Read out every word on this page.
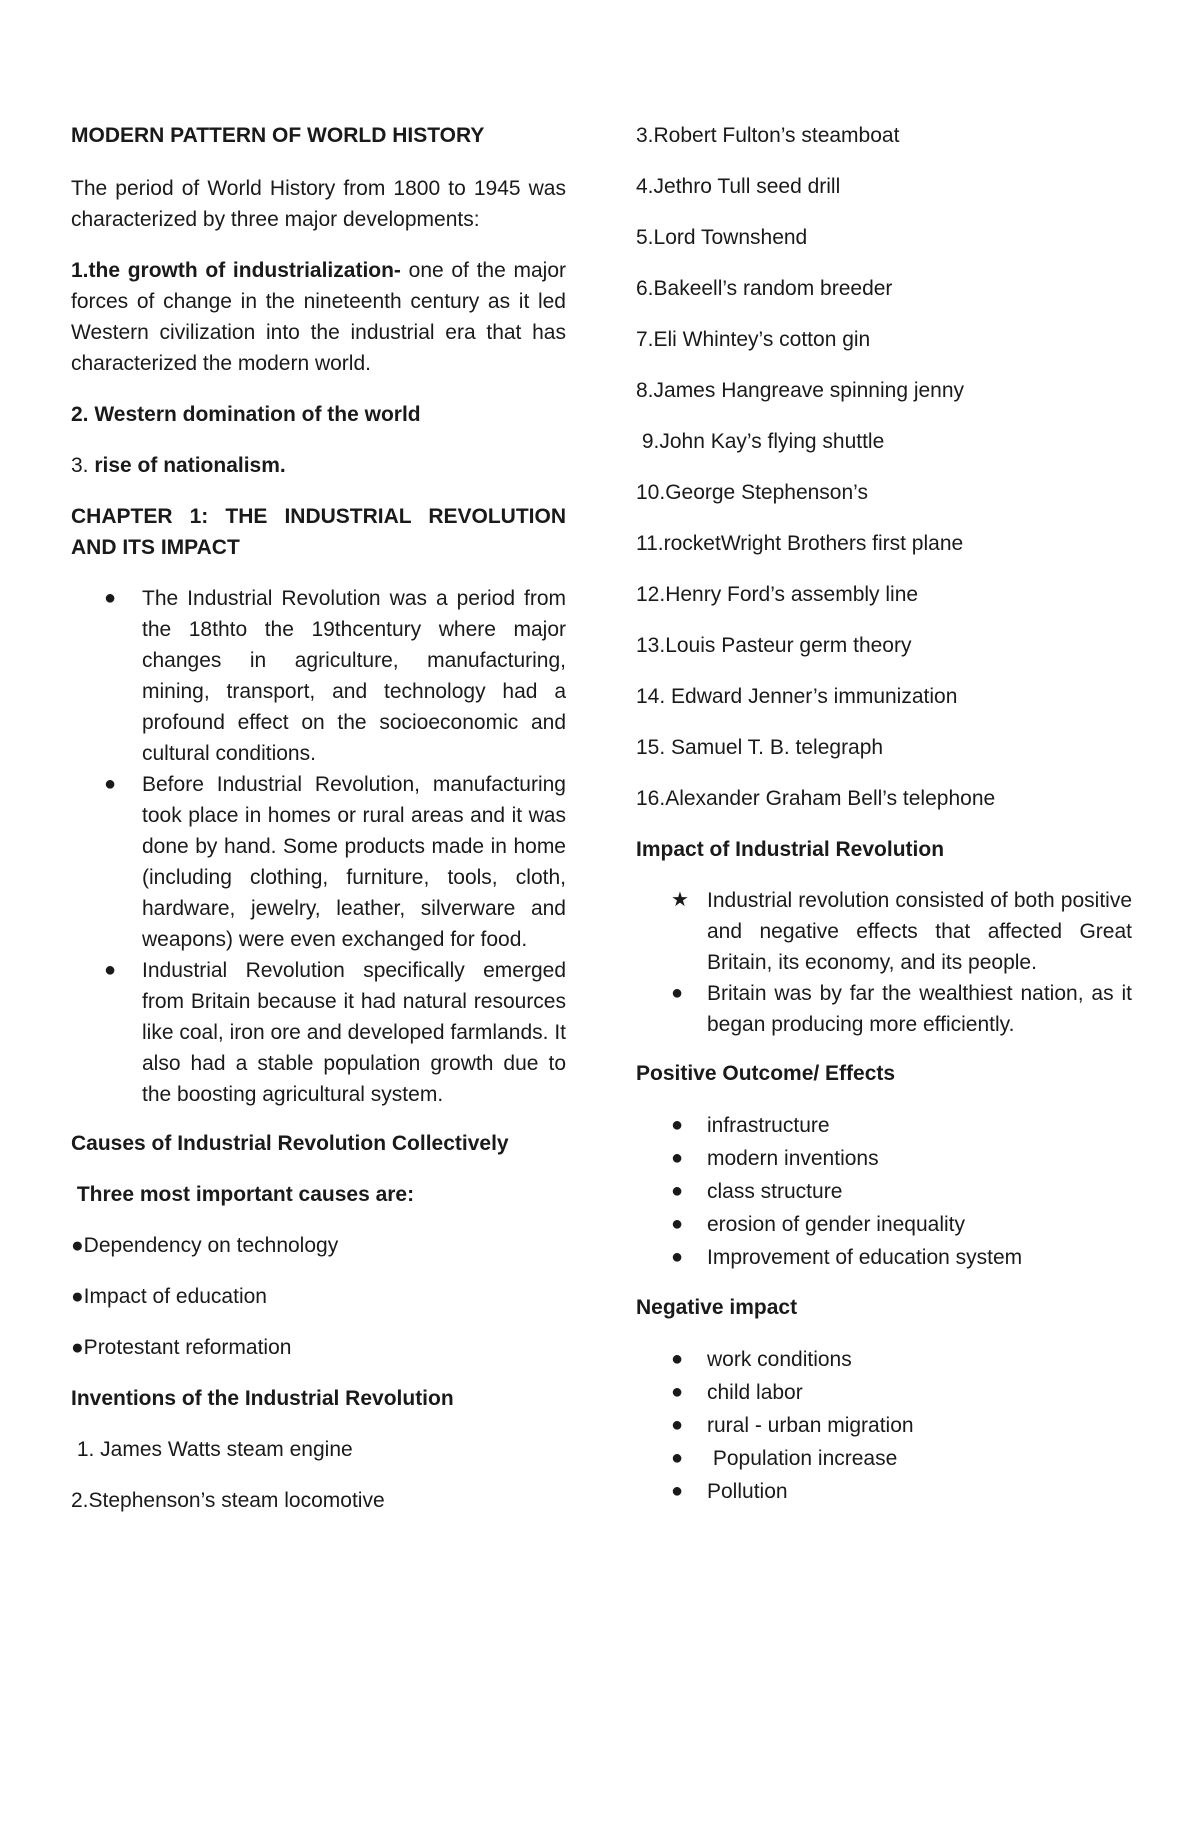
MODERN PATTERN OF WORLD HISTORY

The period of World History from 1800 to 1945 was characterized by three major developments:

1.the growth of industrialization- one of the major forces of change in the nineteenth century as it led Western civilization into the industrial era that has characterized the modern world.

2. Western domination of the world

3. rise of nationalism.

CHAPTER 1: THE INDUSTRIAL REVOLUTION AND ITS IMPACT

● The Industrial Revolution was a period from the 18thto the 19thcentury where major changes in agriculture, manufacturing, mining, transport, and technology had a profound effect on the socioeconomic and cultural conditions.
● Before Industrial Revolution, manufacturing took place in homes or rural areas and it was done by hand. Some products made in home (including clothing, furniture, tools, cloth, hardware, jewelry, leather, silverware and weapons) were even exchanged for food.
● Industrial Revolution specifically emerged from Britain because it had natural resources like coal, iron ore and developed farmlands. It also had a stable population growth due to the boosting agricultural system.

Causes of Industrial Revolution Collectively

Three most important causes are:

●Dependency on technology

●Impact of education

●Protestant reformation

Inventions of the Industrial Revolution

1. James Watts steam engine

2.Stephenson’s steam locomotive

3.Robert Fulton’s steamboat

4.Jethro Tull seed drill

5.Lord Townshend

6.Bakeell’s random breeder

7.Eli Whintey’s cotton gin

8.James Hangreave spinning jenny

9.John Kay’s flying shuttle

10.George Stephenson’s

11.rocketWright Brothers first plane

12.Henry Ford’s assembly line

13.Louis Pasteur germ theory

14. Edward Jenner’s immunization

15. Samuel T. B. telegraph

16.Alexander Graham Bell’s telephone

Impact of Industrial Revolution

★ Industrial revolution consisted of both positive and negative effects that affected Great Britain, its economy, and its people.
● Britain was by far the wealthiest nation, as it began producing more efficiently.

Positive Outcome/ Effects

● infrastructure
● modern inventions
● class structure
● erosion of gender inequality
● Improvement of education system

Negative impact

● work conditions
● child labor
● rural - urban migration
● Population increase
● Pollution
